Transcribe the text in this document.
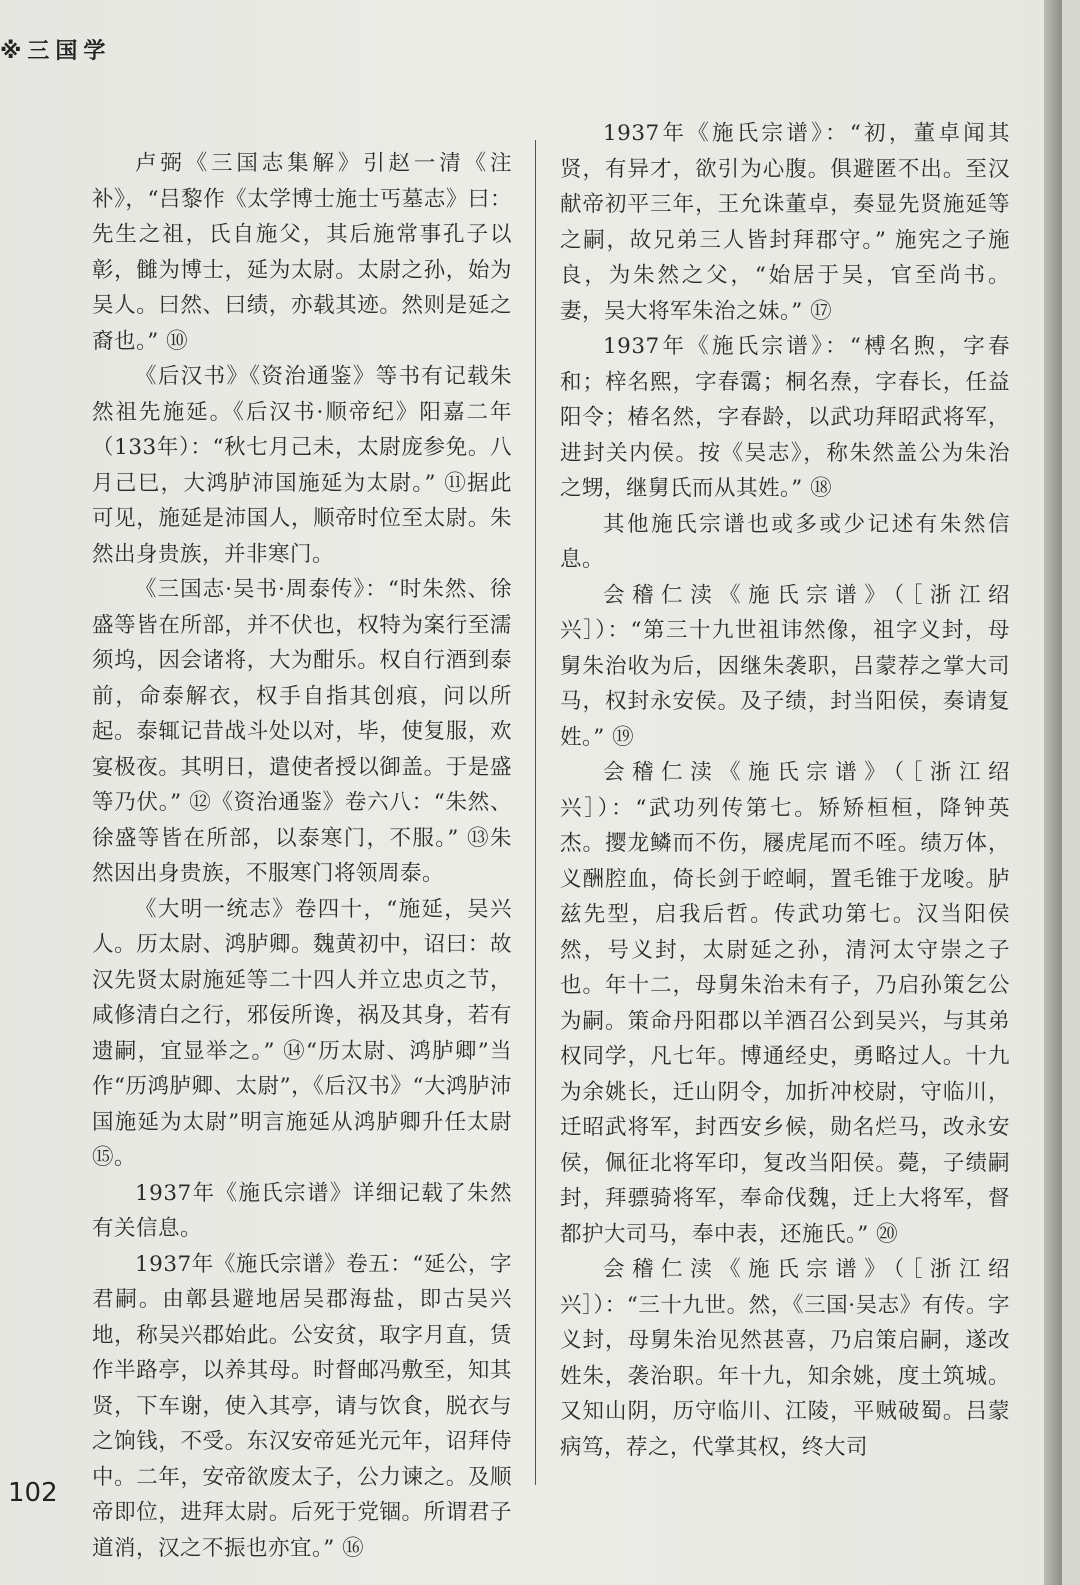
※三国学

卢弼《三国志集解》引赵一清《注补》，“吕黎作《太学博士施士丐墓志》曰：先生之祖，氏自施父，其后施常事孔子以彰，雠为博士，延为太尉。太尉之孙，始为吴人。曰然、曰绩，亦载其迹。然则是延之裔也。” ⑩

《后汉书》《资治通鉴》等书有记载朱然祖先施延。《后汉书·顺帝纪》阳嘉二年（133年）：“秋七月己未，太尉庞参免。八月己巳，大鸿胪沛国施延为太尉。” ⑪据此可见，施延是沛国人，顺帝时位至太尉。朱然出身贵族，并非寒门。

《三国志·吴书·周泰传》：“时朱然、徐盛等皆在所部，并不伏也，权特为案行至濡须坞，因会诸将，大为酣乐。权自行酒到泰前，命泰解衣，权手自指其创痕，问以所起。泰辄记昔战斗处以对，毕，使复服，欢宴极夜。其明日，遣使者授以御盖。于是盛等乃伏。” ⑫《资治通鉴》卷六八：“朱然、徐盛等皆在所部，以泰寒门，不服。” ⑬朱然因出身贵族，不服寒门将领周泰。

《大明一统志》卷四十，“施延，吴兴人。历太尉、鸿胪卿。魏黄初中，诏曰：故汉先贤太尉施延等二十四人并立忠贞之节，咸修清白之行，邪佞所谗，祸及其身，若有遗嗣，宜显举之。” ⑭“历太尉、鸿胪卿”当作“历鸿胪卿、太尉”，《后汉书》“大鸿胪沛国施延为太尉”明言施延从鸿胪卿升任太尉⑮。

1937年《施氏宗谱》详细记载了朱然有关信息。

1937年《施氏宗谱》卷五：“延公，字君嗣。由鄣县避地居吴郡海盐，即古吴兴地，称吴兴郡始此。公安贫，取字月直，赁作半路亭，以养其母。时督邮冯敷至，知其贤，下车谢，使入其亭，请与饮食，脱衣与之饷钱，不受。东汉安帝延光元年，诏拜侍中。二年，安帝欲废太子，公力谏之。及顺帝即位，进拜太尉。后死于党锢。所谓君子道消，汉之不振也亦宜。” ⑯

1937年《施氏宗谱》：“初，董卓闻其贤，有异才，欲引为心腹。俱避匿不出。至汉献帝初平三年，王允诛董卓，奏显先贤施延等之嗣，故兄弟三人皆封拜郡守。” 施宪之子施良，为朱然之父，“始居于吴，官至尚书。妻，吴大将军朱治之妹。” ⑰

1937年《施氏宗谱》：“榑名煦，字春和；梓名熙，字春霭；桐名焘，字春长，任益阳令；椿名然，字春龄，以武功拜昭武将军，进封关内侯。按《吴志》，称朱然盖公为朱治之甥，继舅氏而从其姓。” ⑱

其他施氏宗谱也或多或少记述有朱然信息。

会稽仁渎《施氏宗谱》（［浙江绍兴］）：“第三十九世祖讳然像，祖字义封，母舅朱治收为后，因继朱袭职，吕蒙荐之掌大司马，权封永安侯。及子绩，封当阳侯，奏请复姓。” ⑲

会稽仁渎《施氏宗谱》（［浙江绍兴］）：“武功列传第七。矫矫桓桓，降钟英杰。撄龙鳞而不伤，屦虎尾而不咥。绩万体，义酬腔血，倚长剑于崆峒，置毛锥于龙唆。胪兹先型，启我后哲。传武功第七。汉当阳侯然，号义封，太尉延之孙，清河太守崇之子也。年十二，母舅朱治未有子，乃启孙策乞公为嗣。策命丹阳郡以羊酒召公到吴兴，与其弟权同学，凡七年。博通经史，勇略过人。十九为余姚长，迁山阴令，加折冲校尉，守临川，迁昭武将军，封西安乡候，勋名烂马，改永安侯，佩征北将军印，复改当阳侯。薨，子绩嗣封，拜骠骑将军，奉命伐魏，迁上大将军，督都护大司马，奉中表，还施氏。” ⑳

会稽仁渎《施氏宗谱》（［浙江绍兴］）：“三十九世。然，《三国·吴志》有传。字义封，母舅朱治见然甚喜，乃启策启嗣，遂改姓朱，袭治职。年十九，知余姚，度土筑城。又知山阴，历守临川、江陵，平贼破蜀。吕蒙病笃，荐之，代掌其权，终大司

102
